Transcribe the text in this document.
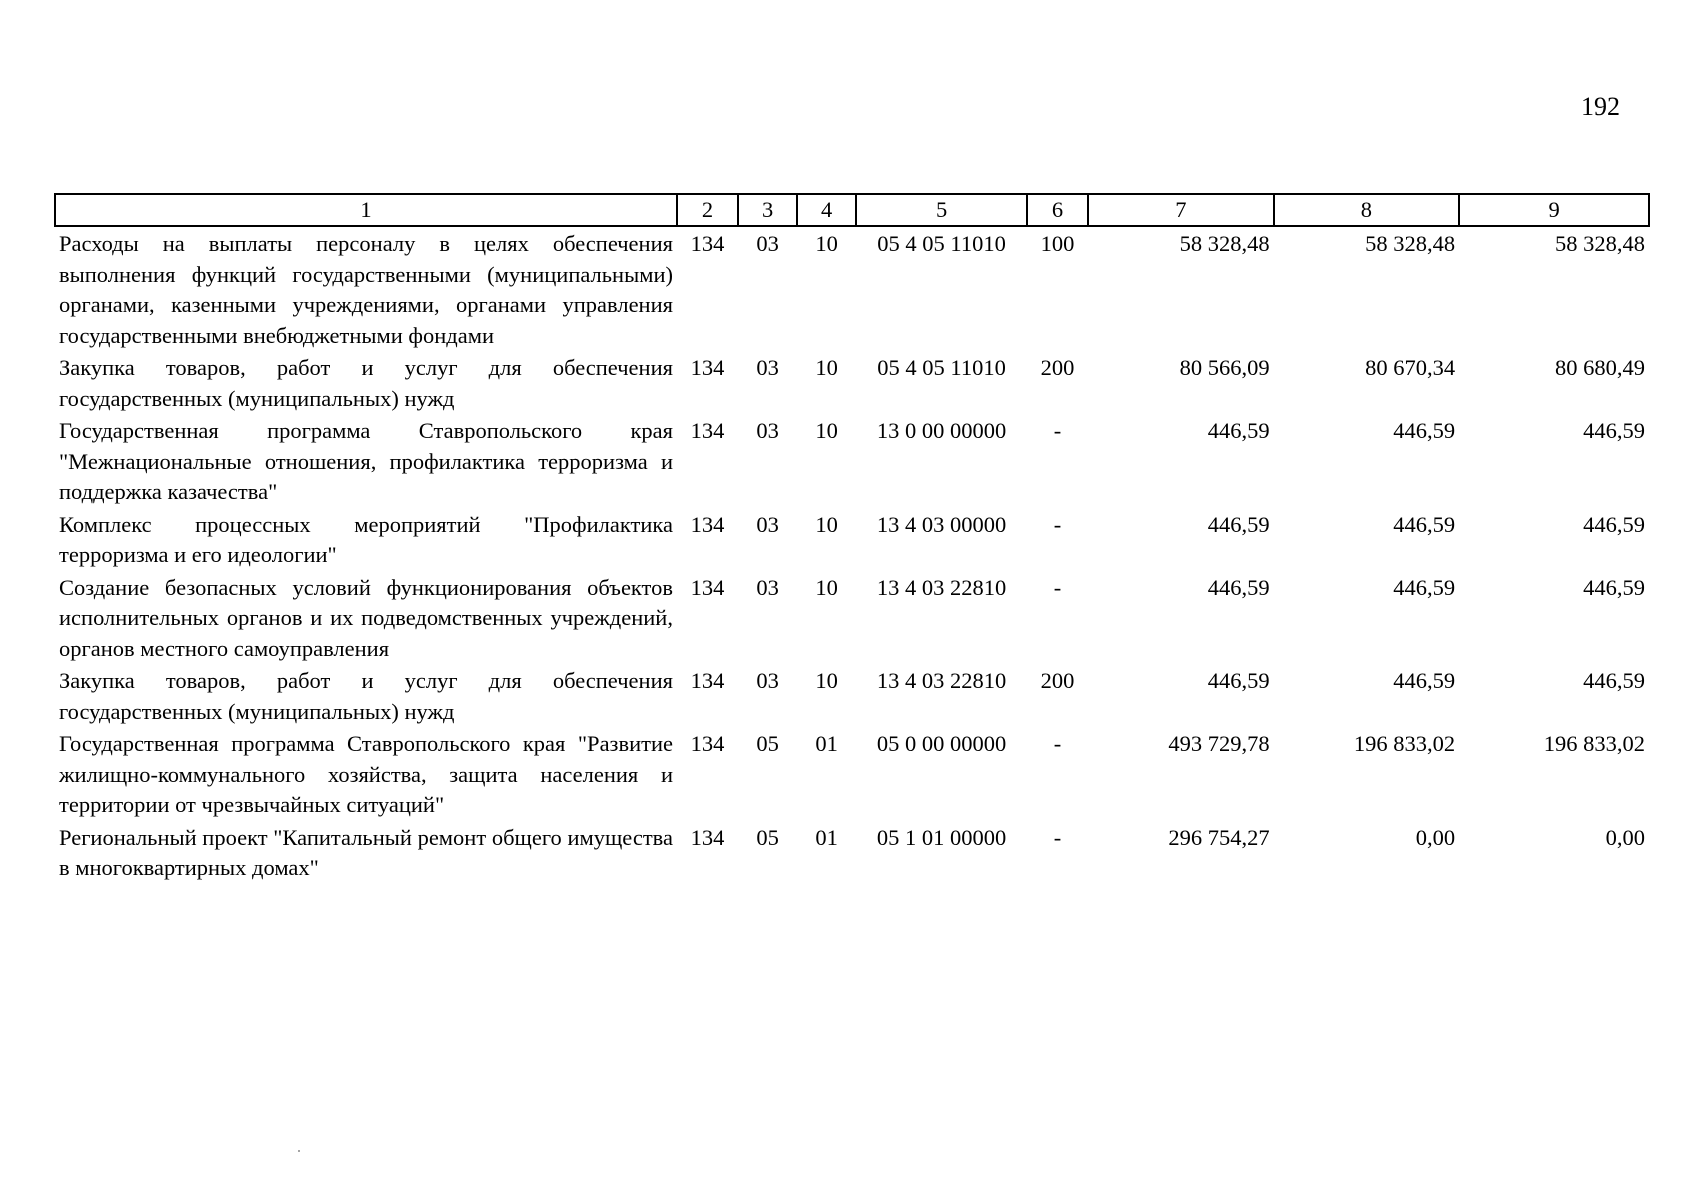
192
1	2	3	4	5	6	7	8	9
Расходы на выплаты персоналу в целях обеспечения выполнения функций государственными (муниципальными) органами, казенными учреждениями, органами управления государственными внебюджетными фондами	134	03	10	05 4 05 11010	100	58 328,48	58 328,48	58 328,48
Закупка товаров, работ и услуг для обеспечения государственных (муниципальных) нужд	134	03	10	05 4 05 11010	200	80 566,09	80 670,34	80 680,49
Государственная программа Ставропольского края "Межнациональные отношения, профилактика терроризма и поддержка казачества"	134	03	10	13 0 00 00000	-	446,59	446,59	446,59
Комплекс процессных мероприятий "Профилактика терроризма и его идеологии"	134	03	10	13 4 03 00000	-	446,59	446,59	446,59
Создание безопасных условий функционирования объектов исполнительных органов и их подведомственных учреждений, органов местного самоуправления	134	03	10	13 4 03 22810	-	446,59	446,59	446,59
Закупка товаров, работ и услуг для обеспечения государственных (муниципальных) нужд	134	03	10	13 4 03 22810	200	446,59	446,59	446,59
Государственная программа Ставропольского края "Развитие жилищно-коммунального хозяйства, защита населения и территории от чрезвычайных ситуаций"	134	05	01	05 0 00 00000	-	493 729,78	196 833,02	196 833,02
Региональный проект "Капитальный ремонт общего имущества в многоквартирных домах"	134	05	01	05 1 01 00000	-	296 754,27	0,00	0,00
